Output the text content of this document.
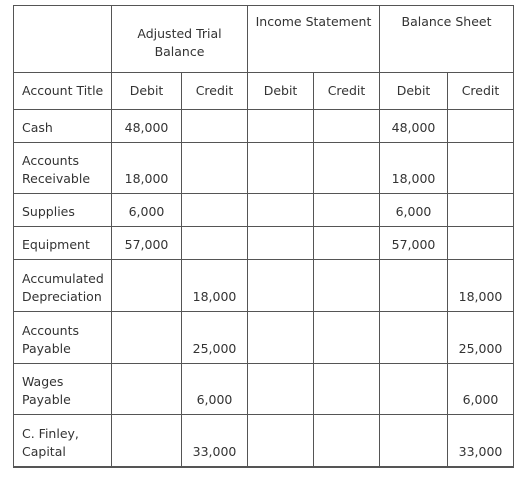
	Adjusted Trial Balance		Income Statement		Balance Sheet	
Account Title	Debit	Credit	Debit	Credit	Debit	Credit
Cash	48,000				48,000	
Accounts Receivable	18,000				18,000	
Supplies	6,000				6,000	
Equipment	57,000				57,000	
Accumulated Depreciation		18,000				18,000
Accounts Payable		25,000				25,000
Wages Payable		6,000				6,000
C. Finley, Capital		33,000				33,000
